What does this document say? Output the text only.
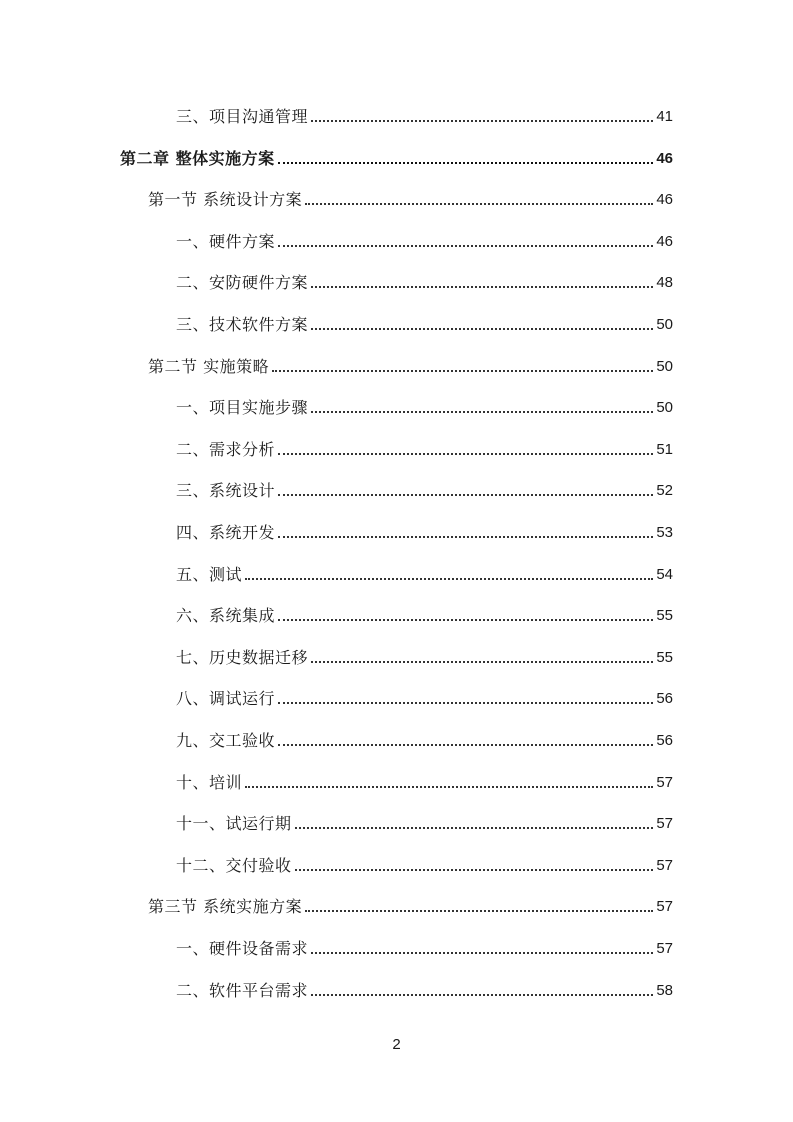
三、项目沟通管理	41
第二章 整体实施方案	46
第一节 系统设计方案	46
一、硬件方案	46
二、安防硬件方案	48
三、技术软件方案	50
第二节 实施策略	50
一、项目实施步骤	50
二、需求分析	51
三、系统设计	52
四、系统开发	53
五、测试	54
六、系统集成	55
七、历史数据迁移	55
八、调试运行	56
九、交工验收	56
十、培训	57
十一、试运行期	57
十二、交付验收	57
第三节 系统实施方案	57
一、硬件设备需求	57
二、软件平台需求	58
2
